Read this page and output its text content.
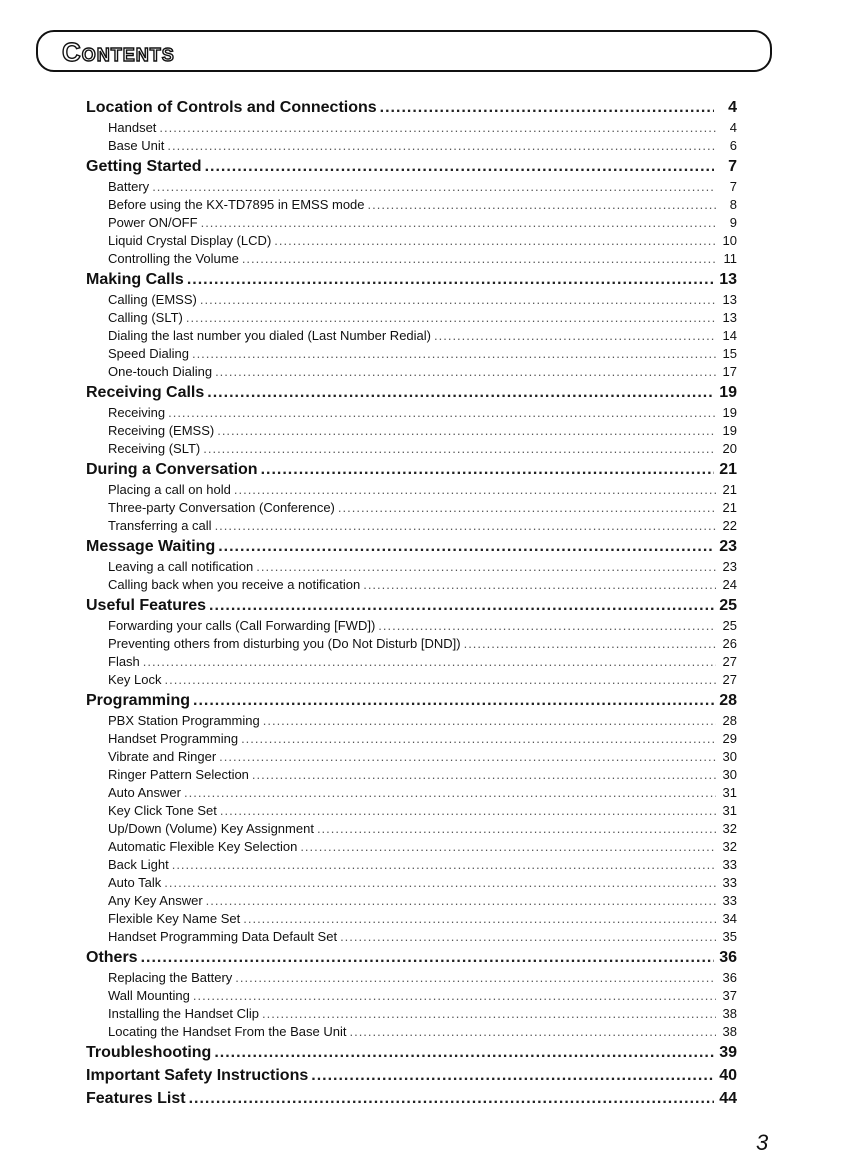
Contents
Location of Controls and Connections .....	4
Handset .....	4
Base Unit .....	6
Getting Started .....	7
Battery .....	7
Before using the KX-TD7895 in EMSS mode .....	8
Power ON/OFF .....	9
Liquid Crystal Display (LCD) .....	10
Controlling the Volume .....	11
Making Calls .....	13
Calling (EMSS) .....	13
Calling (SLT) .....	13
Dialing the last number you dialed (Last Number Redial) .....	14
Speed Dialing .....	15
One-touch Dialing .....	17
Receiving Calls .....	19
Receiving .....	19
Receiving (EMSS) .....	19
Receiving (SLT) .....	20
During a Conversation .....	21
Placing a call on hold .....	21
Three-party Conversation (Conference) .....	21
Transferring a call .....	22
Message Waiting .....	23
Leaving a call notification .....	23
Calling back when you receive a notification .....	24
Useful Features .....	25
Forwarding your calls (Call Forwarding [FWD]) .....	25
Preventing others from disturbing you (Do Not Disturb [DND]) .....	26
Flash .....	27
Key Lock .....	27
Programming .....	28
PBX Station Programming .....	28
Handset Programming .....	29
Vibrate and Ringer .....	30
Ringer Pattern Selection .....	30
Auto Answer .....	31
Key Click Tone Set .....	31
Up/Down (Volume) Key Assignment .....	32
Automatic Flexible Key Selection .....	32
Back Light .....	33
Auto Talk .....	33
Any Key Answer .....	33
Flexible Key Name Set .....	34
Handset Programming Data Default Set .....	35
Others .....	36
Replacing the Battery .....	36
Wall Mounting .....	37
Installing the Handset Clip .....	38
Locating the Handset From the Base Unit .....	38
Troubleshooting .....	39
Important Safety Instructions .....	40
Features List .....	44
3
